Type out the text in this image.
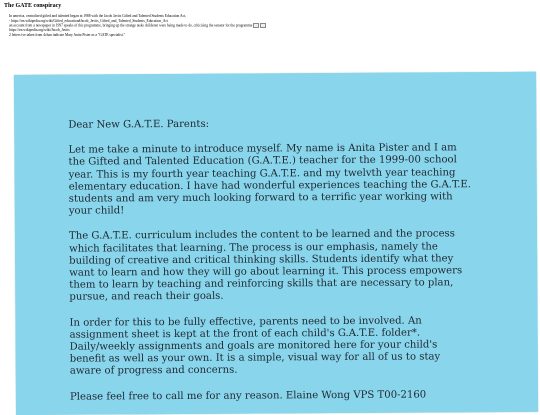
The GATE conspiracy
In america, centralised gifted and talented began in 1988 with the Jacob Javits Gifted and Talented Students Education Act,
- https://en.wikipedia.org/wiki/Gifted_education#Jacob_Javits_Gifted_and_Talented_Students_Education_Act
an account from a newspaper in 1997 speaks of this programme, bringing up the strange tasks childeren were being made to do, criticising the senator for the programme
https://en.wikipedia.org/wiki/Jacob_Javits
2 letters ive taken from 4chan indicate Mary Anita Pister as a "GATE specialist."
Dear New G.A.T.E. Parents:
Let me take a minute to introduce myself. My name is Anita Pister and I am
the Gifted and Talented Education (G.A.T.E.) teacher for the 1999-00 school
year. This is my fourth year teaching G.A.T.E. and my twelvth year teaching
elementary education. I have had wonderful experiences teaching the G.A.T.E.
students and am very much looking forward to a terrific year working with
your child!
The G.A.T.E. curriculum includes the content to be learned and the process
which facilitates that learning. The process is our emphasis, namely the
building of creative and critical thinking skills. Students identify what they
want to learn and how they will go about learning it. This process empowers
them to learn by teaching and reinforcing skills that are necessary to plan,
pursue, and reach their goals.
In order for this to be fully effective, parents need to be involved. An
assignment sheet is kept at the front of each child's G.A.T.E. folder*.
Daily/weekly assignments and goals are monitored here for your child's
benefit as well as your own. It is a simple, visual way for all of us to stay
aware of progress and concerns.
Please feel free to call me for any reason. Elaine Wong VPS T00-2160
